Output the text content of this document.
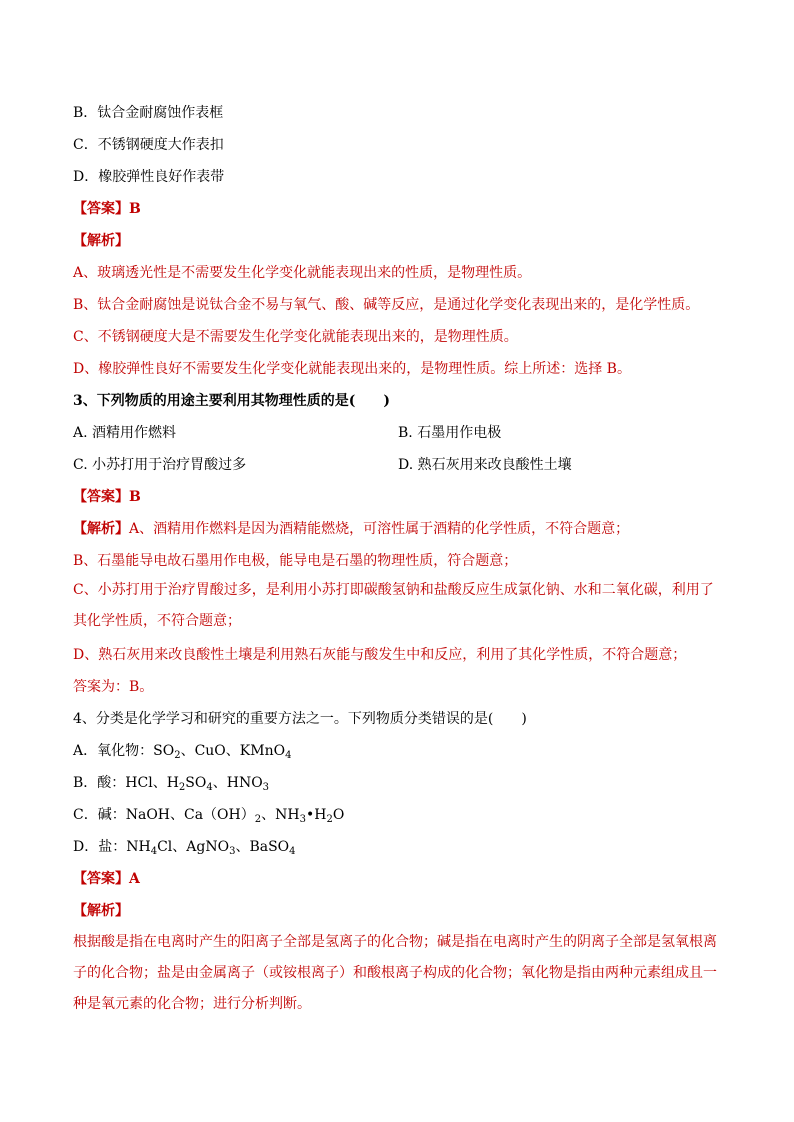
B．钛合金耐腐蚀作表框
C．不锈钢硬度大作表扣
D．橡胶弹性良好作表带
【答案】B
【解析】
A、玻璃透光性是不需要发生化学变化就能表现出来的性质，是物理性质。
B、钛合金耐腐蚀是说钛合金不易与氧气、酸、碱等反应，是通过化学变化表现出来的，是化学性质。
C、不锈钢硬度大是不需要发生化学变化就能表现出来的，是物理性质。
D、橡胶弹性良好不需要发生化学变化就能表现出来的，是物理性质。综上所述：选择 B。
3、下列物质的用途主要利用其物理性质的是(　　)
A. 酒精用作燃料	B. 石墨用作电极
C. 小苏打用于治疗胃酸过多	D. 熟石灰用来改良酸性土壤
【答案】B
【解析】A、酒精用作燃料是因为酒精能燃烧，可溶性属于酒精的化学性质，不符合题意；
B、石墨能导电故石墨用作电极，能导电是石墨的物理性质，符合题意；
C、小苏打用于治疗胃酸过多，是利用小苏打即碳酸氢钠和盐酸反应生成氯化钠、水和二氧化碳，利用了其化学性质，不符合题意；
D、熟石灰用来改良酸性土壤是利用熟石灰能与酸发生中和反应，利用了其化学性质，不符合题意；
答案为：B。
4、分类是化学学习和研究的重要方法之一。下列物质分类错误的是(　　)
A．氧化物：$SO_2$、CuO、KMnO$_4$
B．酸：HCl、$H_2SO_4$、$HNO_3$
C．碱：NaOH、$Ca(OH)_2$、$NH_3•H_2O$
D．盐：$NH_4Cl$、AgNO$_3$、BaSO$_4$
【答案】A
【解析】
根据酸是指在电离时产生的阳离子全部是氢离子的化合物；碱是指在电离时产生的阴离子全部是氢氧根离子的化合物；盐是由金属离子（或铵根离子）和酸根离子构成的化合物；氧化物是指由两种元素组成且一种是氧元素的化合物；进行分析判断。
